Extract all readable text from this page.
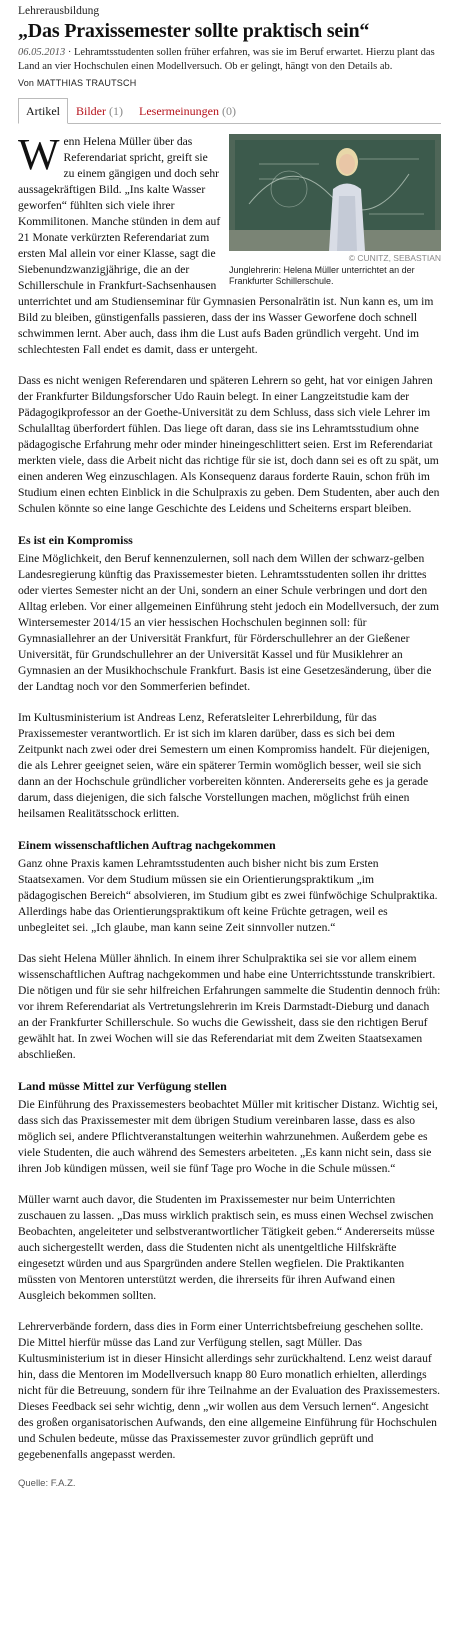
Lehrerausbildung

„Das Praxissemester sollte praktisch sein“

06.05.2013 · Lehramtsstudenten sollen früher erfahren, was sie im Beruf erwartet. Hierzu plant das Land an vier Hochschulen einen Modellversuch. Ob er gelingt, hängt von den Details ab.

Von MATTHIAS TRAUTSCH
Artikel	Bilder (1)	Lesermeinungen (0)
© CUNITZ, SEBASTIAN
Junglehrerin: Helena Müller unterrichtet an der Frankfurter Schillerschule.

Wenn Helena Müller über das Referendariat spricht, greift sie zu einem gängigen und doch sehr aussagekräftigen Bild. „Ins kalte Wasser geworfen“ fühlten sich viele ihrer Kommilitonen. Manche stünden in dem auf 21 Monate verkürzten Referendariat zum ersten Mal allein vor einer Klasse, sagt die Siebenundzwanzigjährige, die an der Schillerschule in Frankfurt-Sachsenhausen unterrichtet und am Studienseminar für Gymnasien Personalrätin ist. Nun kann es, um im Bild zu bleiben, günstigenfalls passieren, dass der ins Wasser Geworfene doch schnell schwimmen lernt. Aber auch, dass ihm die Lust aufs Baden gründlich vergeht. Und im schlechtesten Fall endet es damit, dass er untergeht.

Dass es nicht wenigen Referendaren und späteren Lehrern so geht, hat vor einigen Jahren der Frankfurter Bildungsforscher Udo Rauin belegt. In einer Langzeitstudie kam der Pädagogikprofessor an der Goethe-Universität zu dem Schluss, dass sich viele Lehrer im Schulalltag überfordert fühlen. Das liege oft daran, dass sie ins Lehramtsstudium ohne pädagogische Erfahrung mehr oder minder hineingeschlittert seien. Erst im Referendariat merkten viele, dass die Arbeit nicht das richtige für sie ist, doch dann sei es oft zu spät, um einen anderen Weg einzuschlagen. Als Konsequenz daraus forderte Rauin, schon früh im Studium einen echten Einblick in die Schulpraxis zu geben. Dem Studenten, aber auch den Schulen könnte so eine lange Geschichte des Leidens und Scheiterns erspart bleiben.

Es ist ein Kompromiss

Eine Möglichkeit, den Beruf kennenzulernen, soll nach dem Willen der schwarz-gelben Landesregierung künftig das Praxissemester bieten. Lehramtsstudenten sollen ihr drittes oder viertes Semester nicht an der Uni, sondern an einer Schule verbringen und dort den Alltag erleben. Vor einer allgemeinen Einführung steht jedoch ein Modellversuch, der zum Wintersemester 2014/15 an vier hessischen Hochschulen beginnen soll: für Gymnasiallehrer an der Universität Frankfurt, für Förderschullehrer an der Gießener Universität, für Grundschullehrer an der Universität Kassel und für Musiklehrer an Gymnasien an der Musikhochschule Frankfurt. Basis ist eine Gesetzesänderung, über die der Landtag noch vor den Sommerferien befindet.

Im Kultusministerium ist Andreas Lenz, Referatsleiter Lehrerbildung, für das Praxissemester verantwortlich. Er ist sich im klaren darüber, dass es sich bei dem Zeitpunkt nach zwei oder drei Semestern um einen Kompromiss handelt. Für diejenigen, die als Lehrer geeignet seien, wäre ein späterer Termin womöglich besser, weil sie sich dann an der Hochschule gründlicher vorbereiten könnten. Andererseits gehe es ja gerade darum, dass diejenigen, die sich falsche Vorstellungen machen, möglichst früh einen heilsamen Realitätsschock erlitten.

Einem wissenschaftlichen Auftrag nachgekommen

Ganz ohne Praxis kamen Lehramtsstudenten auch bisher nicht bis zum Ersten Staatsexamen. Vor dem Studium müssen sie ein Orientierungspraktikum „im pädagogischen Bereich“ absolvieren, im Studium gibt es zwei fünfwöchige Schulpraktika. Allerdings habe das Orientierungspraktikum oft keine Früchte getragen, weil es unbegleitet sei. „Ich glaube, man kann seine Zeit sinnvoller nutzen.“

Das sieht Helena Müller ähnlich. In einem ihrer Schulpraktika sei sie vor allem einem wissenschaftlichen Auftrag nachgekommen und habe eine Unterrichtsstunde transkribiert. Die nötigen und für sie sehr hilfreichen Erfahrungen sammelte die Studentin dennoch früh: vor ihrem Referendariat als Vertretungslehrerin im Kreis Darmstadt-Dieburg und danach an der Frankfurter Schillerschule. So wuchs die Gewissheit, dass sie den richtigen Beruf gewählt hat. In zwei Wochen will sie das Referendariat mit dem Zweiten Staatsexamen abschließen.

Land müsse Mittel zur Verfügung stellen

Die Einführung des Praxissemesters beobachtet Müller mit kritischer Distanz. Wichtig sei, dass sich das Praxissemester mit dem übrigen Studium vereinbaren lasse, dass es also möglich sei, andere Pflichtveranstaltungen weiterhin wahrzunehmen. Außerdem gebe es viele Studenten, die auch während des Semesters arbeiteten. „Es kann nicht sein, dass sie ihren Job kündigen müssen, weil sie fünf Tage pro Woche in die Schule müssen.“

Müller warnt auch davor, die Studenten im Praxissemester nur beim Unterrichten zuschauen zu lassen. „Das muss wirklich praktisch sein, es muss einen Wechsel zwischen Beobachten, angeleiteter und selbstverantwortlicher Tätigkeit geben.“ Andererseits müsse auch sichergestellt werden, dass die Studenten nicht als unentgeltliche Hilfskräfte eingesetzt würden und aus Spargründen andere Stellen wegfielen. Die Praktikanten müssten von Mentoren unterstützt werden, die ihrerseits für ihren Aufwand einen Ausgleich bekommen sollten.

Lehrerverbände fordern, dass dies in Form einer Unterrichtsbefreiung geschehen sollte. Die Mittel hierfür müsse das Land zur Verfügung stellen, sagt Müller. Das Kultusministerium ist in dieser Hinsicht allerdings sehr zurückhaltend. Lenz weist darauf hin, dass die Mentoren im Modellversuch knapp 80 Euro monatlich erhielten, allerdings nicht für die Betreuung, sondern für ihre Teilnahme an der Evaluation des Praxissemesters. Dieses Feedback sei sehr wichtig, denn „wir wollen aus dem Versuch lernen“. Angesicht des großen organisatorischen Aufwands, den eine allgemeine Einführung für Hochschulen und Schulen bedeute, müsse das Praxissemester zuvor gründlich geprüft und gegebenenfalls angepasst werden.

Quelle: F.A.Z.
